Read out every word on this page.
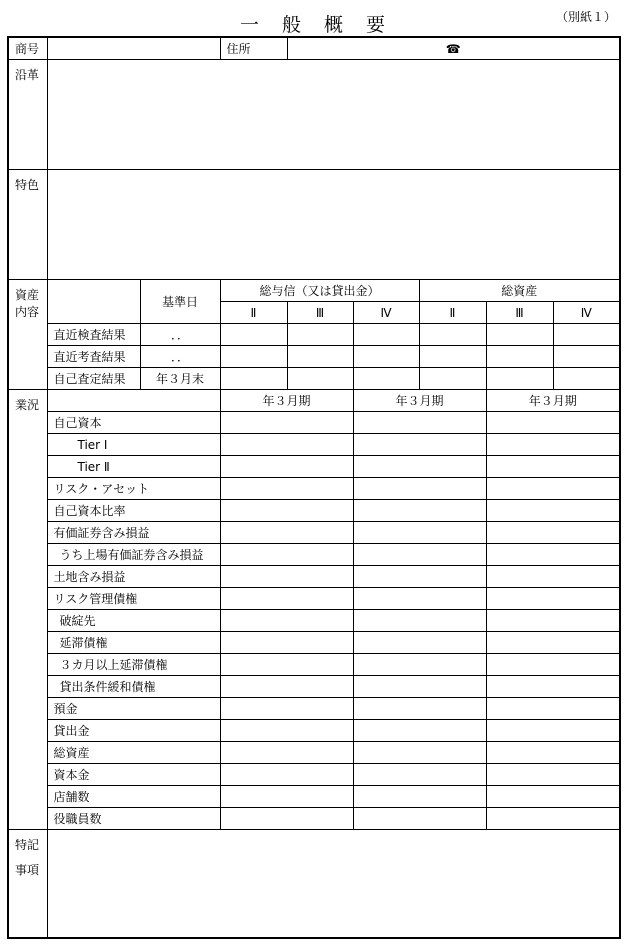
一　般　概　要	（別紙１）
商号			住所	☎				
沿革								
特色								

資産
内容		基準日	総与信（又は貸出金）			総資産		
			Ⅱ	Ⅲ	Ⅳ	Ⅱ	Ⅲ	Ⅳ
	直近検査結果	．．						
	直近考査結果	．．						
	自己査定結果	年３月末						
業況			年３月期		年３月期		年３月期	
	自己資本							
	Tier Ⅰ							
	Tier Ⅱ							
	リスク・アセット							
	自己資本比率							
	有価証券含み損益							
	うち上場有価証券含み損益							
	土地含み損益							
	リスク管理債権							
	破綻先							
	延滞債権							
	３カ月以上延滞債権							
	貸出条件緩和債権							
	預金							
	貸出金							
	総資産							
	資本金							
	店舗数							
	役職員数							

特記
事項								
